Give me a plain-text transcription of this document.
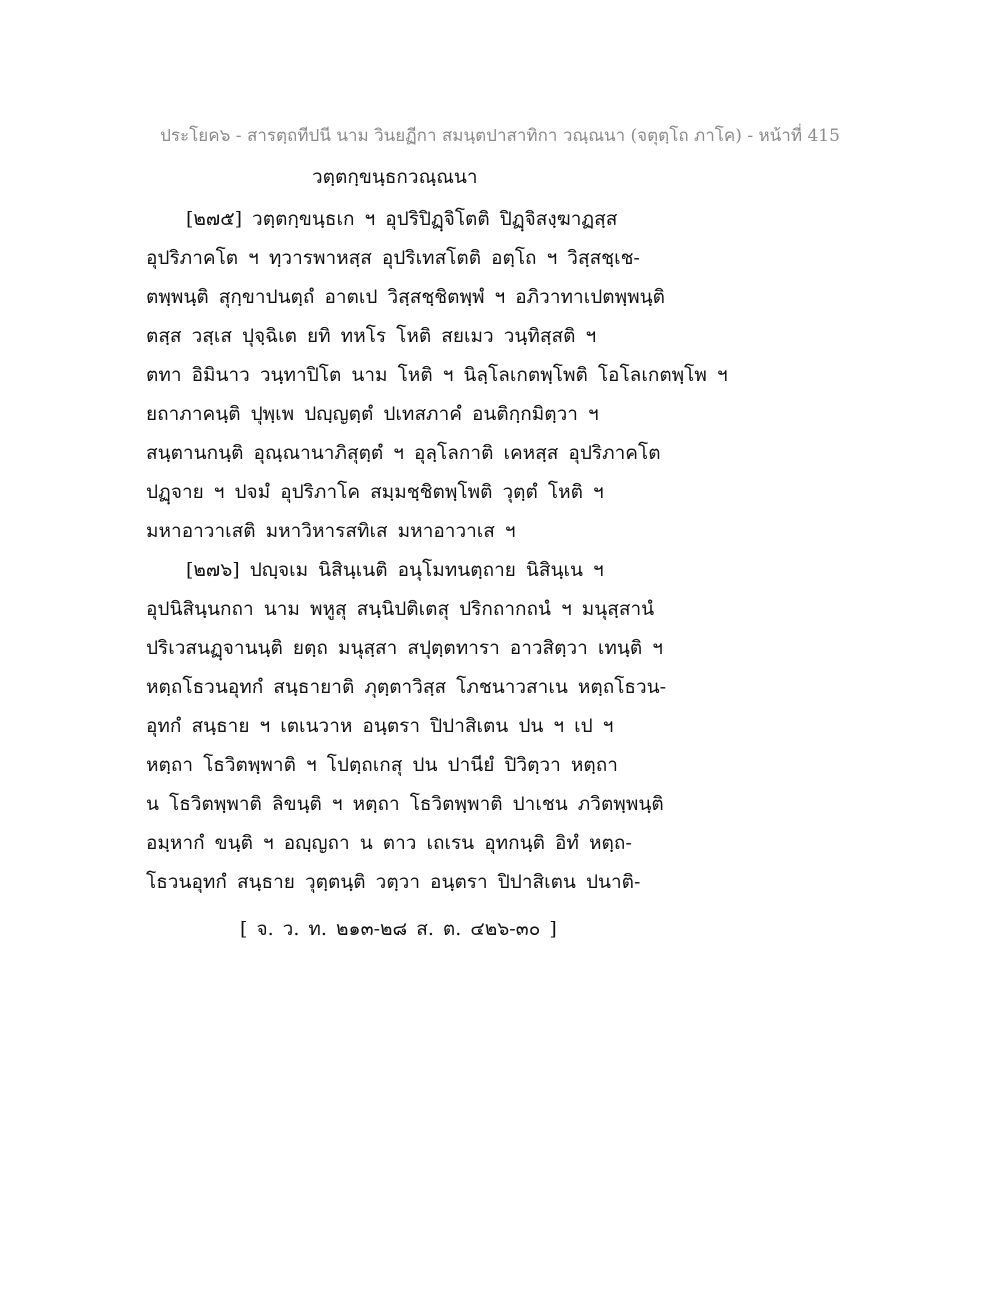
ประโยค๖ - สารตฺถทีปนี นาม วินยฏีกา สมนฺตปาสาทิกา วณฺณนา (จตุตฺโถ ภาโค) - หน้าที่ 415
วตฺตกฺขนฺธกวณฺณนา
[๒๗๕] วตฺตกฺขนฺธเก ฯ อุปริปิฏฺจิโตติ ปิฏฺจิสงฺฆาฏสฺส
อุปริภาคโต ฯ ทฺวารพาหสฺส อุปริเทสโตติ อตฺโถ ฯ วิสฺสชฺเช-
ตพฺพนฺติ สุกฺขาปนตฺถํ อาตเป วิสฺสชฺชิตพฺพํ ฯ อภิวาทาเปตพฺพนฺติ
ตสฺส วสฺเส ปุจฺฉิเต ยทิ ทหโร โหติ สยเมว วนฺทิสฺสติ ฯ
ตทา อิมินาว วนฺทาปิโต นาม โหติ ฯ นิลฺโลเกตพฺโพติ โอโลเกตพฺโพ ฯ
ยถาภาคนฺติ ปุพฺเพ ปญฺญตฺตํ ปเทสภาคํ อนติกฺกมิตฺวา ฯ
สนฺตานกนฺติ อุณฺณานาภิสุตฺตํ ฯ อุลฺโลกาติ เคหสฺส อุปริภาคโต
ปฏฺจาย ฯ ปจมํ อุปริภาโค สมฺมชฺชิตพฺโพติ วุตฺตํ โหติ ฯ
มหาอาวาเสติ มหาวิหารสทิเส มหาอาวาเส ฯ
[๒๗๖] ปญฺจเม นิสินฺเนติ อนุโมทนตฺถาย นิสินฺเน ฯ
อุปนิสินฺนกถา นาม พหูสุ สนฺนิปติเตสุ ปริกถากถนํ ฯ มนุสฺสานํ
ปริเวสนฏฺจานนฺติ ยตฺถ มนุสฺสา สปุตฺตทารา อาวสิตฺวา เทนฺติ ฯ
หตฺถโธวนอุทกํ สนฺธายาติ ภุตฺตาวิสฺส โภชนาวสาเน หตฺถโธวน-
อุทกํ สนฺธาย ฯ เตเนวาห อนฺตรา ปิปาสิเตน ปน ฯ เป ฯ
หตฺถา โธวิตพฺพาติ ฯ โปตฺถเกสุ ปน ปานียํ ปิวิตฺวา หตฺถา
น โธวิตพฺพาติ ลิขนฺติ ฯ หตฺถา โธวิตพฺพาติ ปาเชน ภวิตพฺพนฺติ
อมฺหากํ ขนฺติ ฯ อญฺญถา น ตาว เถเรน อุทกนฺติ อิทํ หตฺถ-
โธวนอุทกํ สนฺธาย วุตฺตนฺติ วตฺวา อนฺตรา ปิปาสิเตน ปนาติ-
[ จ. ว. ท. ๒๑๓-๒๘ ส. ต. ๔๒๖-๓๐ ]
